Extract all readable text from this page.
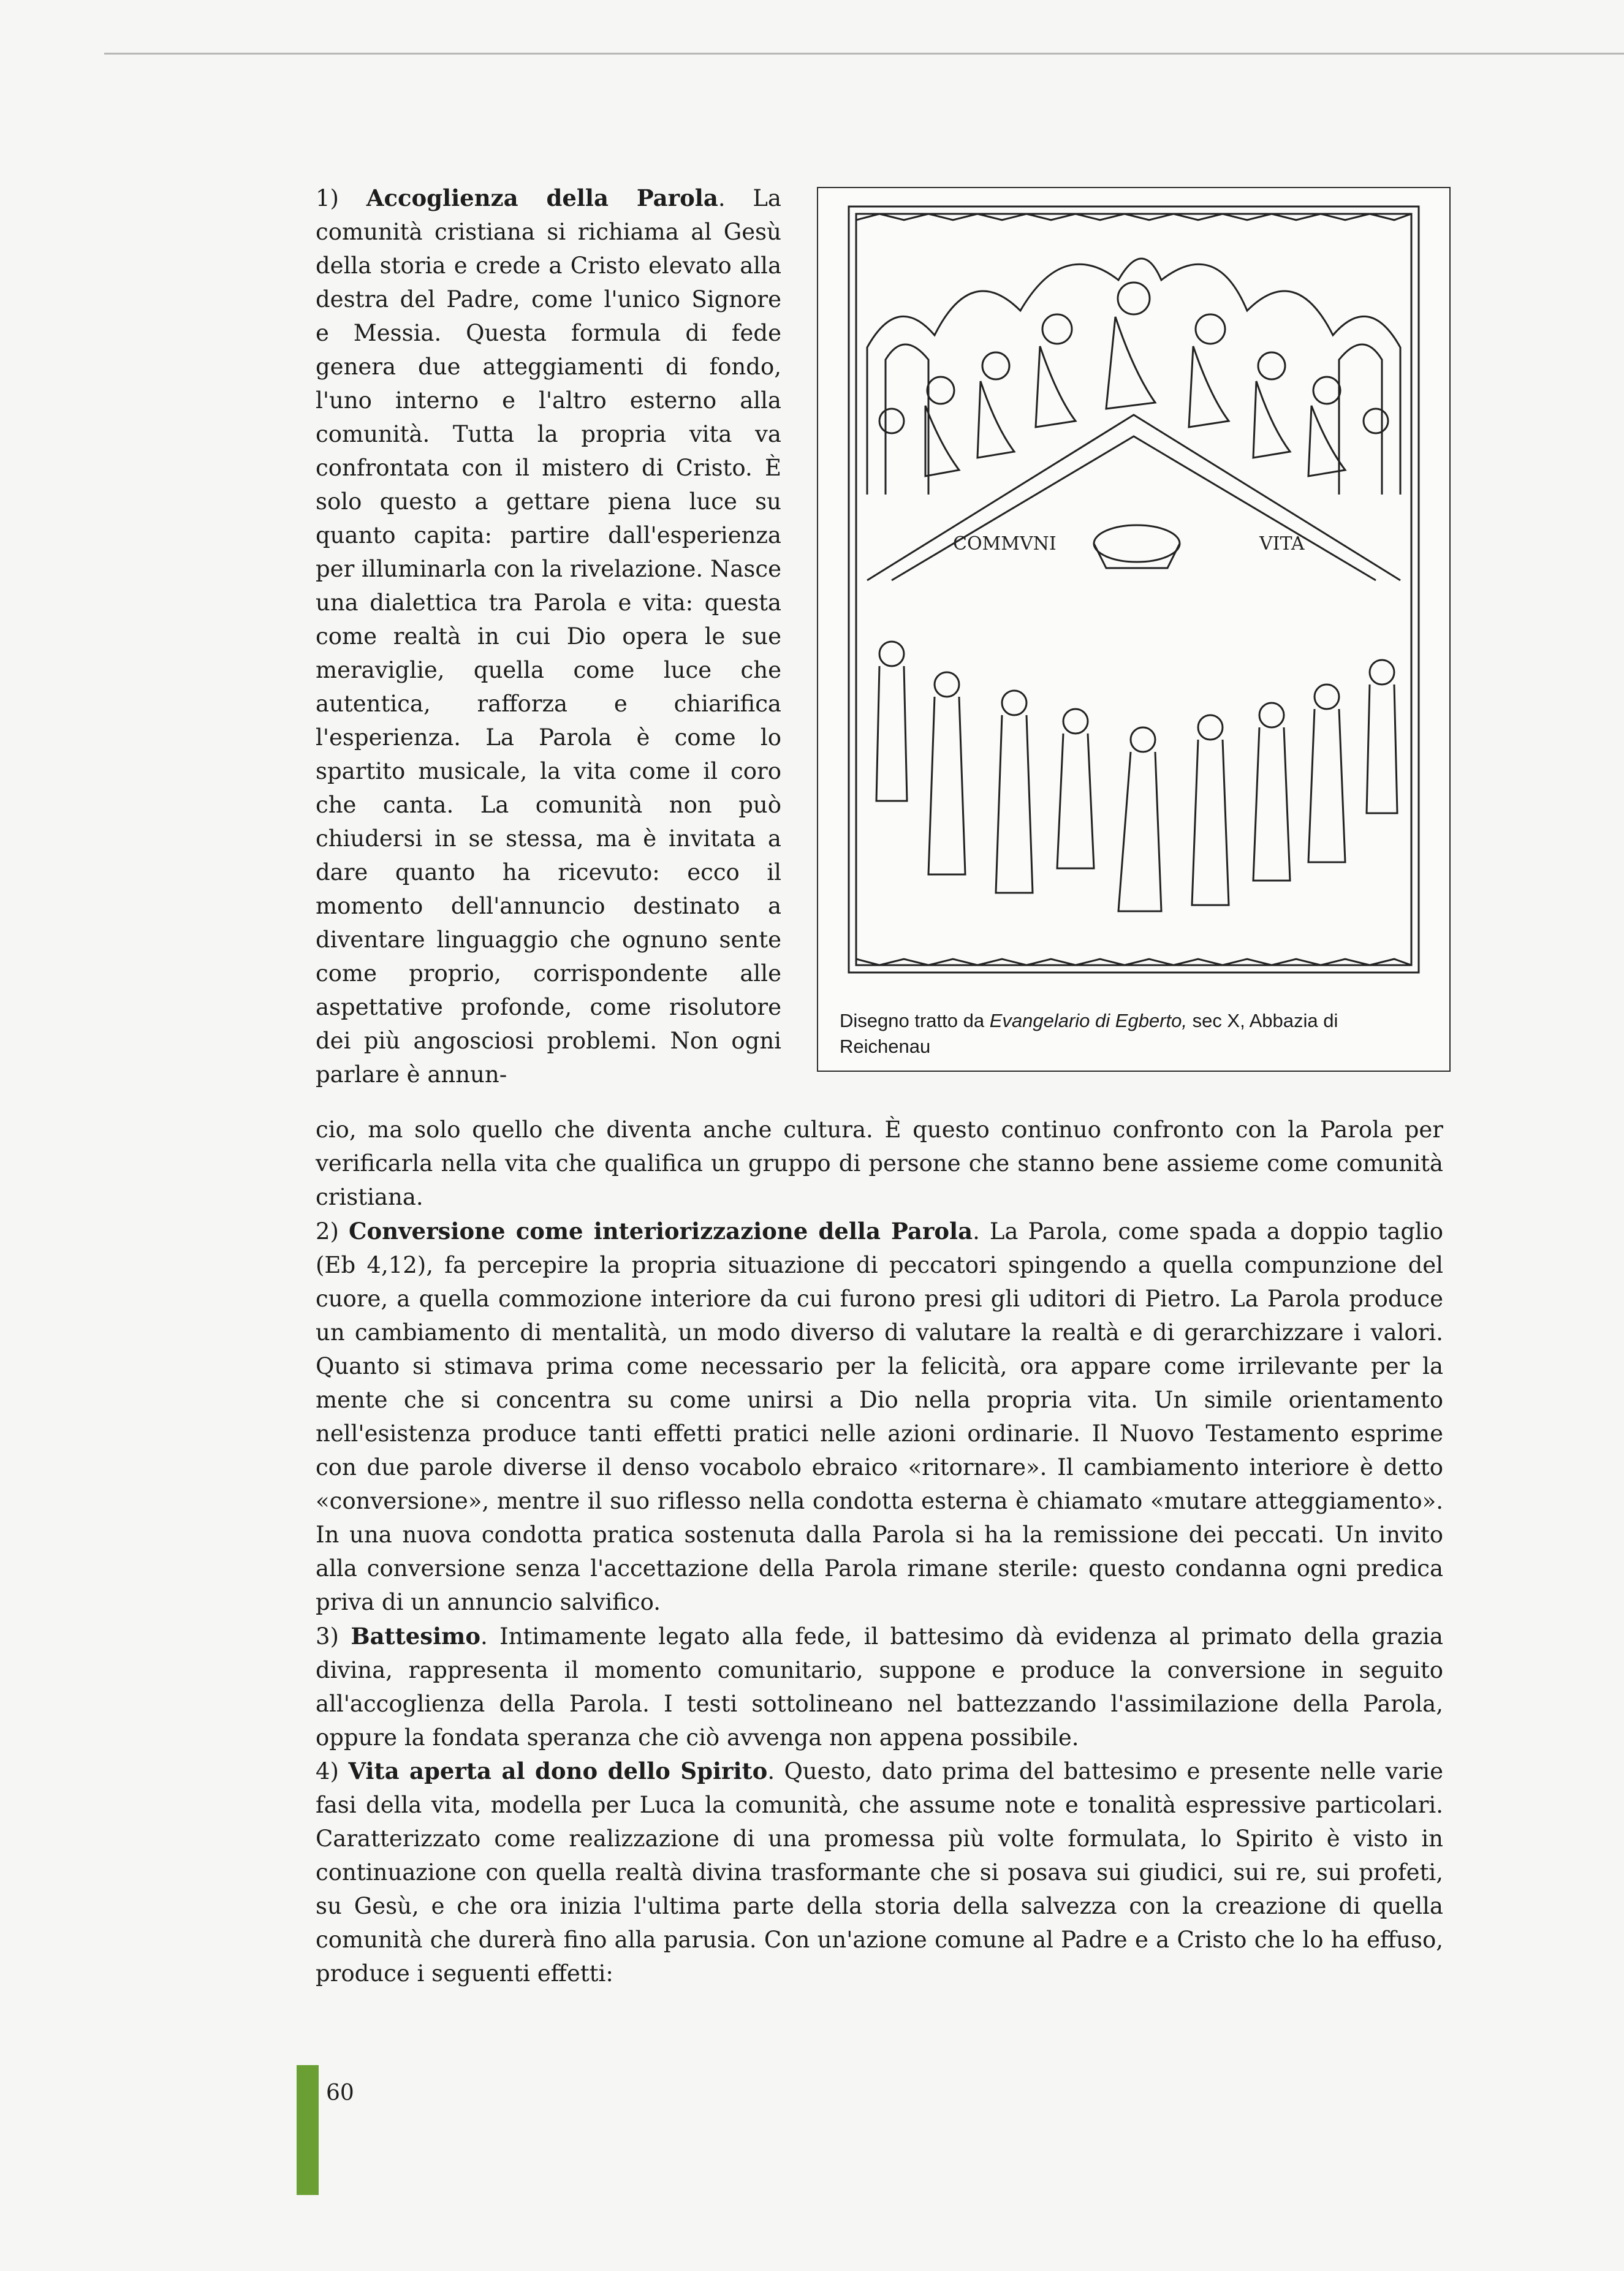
1) Accoglienza della Parola. La comunità cristiana si richiama al Gesù della storia e crede a Cristo elevato alla destra del Padre, come l'unico Signore e Messia. Questa formula di fede genera due atteggiamenti di fondo, l'uno interno e l'altro esterno alla comunità. Tutta la propria vita va confrontata con il mistero di Cristo. È solo questo a gettare piena luce su quanto capita: partire dall'esperienza per illuminarla con la rivelazione. Nasce una dialettica tra Parola e vita: questa come realtà in cui Dio opera le sue meraviglie, quella come luce che autentica, rafforza e chiarifica l'esperienza. La Parola è come lo spartito musicale, la vita come il coro che canta. La comunità non può chiudersi in se stessa, ma è invitata a dare quanto ha ricevuto: ecco il momento dell'annuncio destinato a diventare linguaggio che ognuno sente come proprio, corrispondente alle aspettative profonde, come risolutore dei più angosciosi problemi. Non ogni parlare è annun-
COMMVNI	VITA
Disegno tratto da Evangelario di Egberto, sec X, Abbazia di Reichenau
cio, ma solo quello che diventa anche cultura. È questo continuo confronto con la Parola per verificarla nella vita che qualifica un gruppo di persone che stanno bene assieme come comunità cristiana.
2) Conversione come interiorizzazione della Parola. La Parola, come spada a doppio taglio (Eb 4,12), fa percepire la propria situazione di peccatori spingendo a quella compunzione del cuore, a quella commozione interiore da cui furono presi gli uditori di Pietro. La Parola produce un cambiamento di mentalità, un modo diverso di valutare la realtà e di gerarchizzare i valori. Quanto si stimava prima come necessario per la felicità, ora appare come irrilevante per la mente che si concentra su come unirsi a Dio nella propria vita. Un simile orientamento nell'esistenza produce tanti effetti pratici nelle azioni ordinarie. Il Nuovo Testamento esprime con due parole diverse il denso vocabolo ebraico «ritornare». Il cambiamento interiore è detto «conversione», mentre il suo riflesso nella condotta esterna è chiamato «mutare atteggiamento». In una nuova condotta pratica sostenuta dalla Parola si ha la remissione dei peccati. Un invito alla conversione senza l'accettazione della Parola rimane sterile: questo condanna ogni predica priva di un annuncio salvifico.
3) Battesimo. Intimamente legato alla fede, il battesimo dà evidenza al primato della grazia divina, rappresenta il momento comunitario, suppone e produce la conversione in seguito all'accoglienza della Parola. I testi sottolineano nel battezzando l'assimilazione della Parola, oppure la fondata speranza che ciò avvenga non appena possibile.
4) Vita aperta al dono dello Spirito. Questo, dato prima del battesimo e presente nelle varie fasi della vita, modella per Luca la comunità, che assume note e tonalità espressive particolari. Caratterizzato come realizzazione di una promessa più volte formulata, lo Spirito è visto in continuazione con quella realtà divina trasformante che si posava sui giudici, sui re, sui profeti, su Gesù, e che ora inizia l'ultima parte della storia della salvezza con la creazione di quella comunità che durerà fino alla parusia. Con un'azione comune al Padre e a Cristo che lo ha effuso, produce i seguenti effetti:
60
